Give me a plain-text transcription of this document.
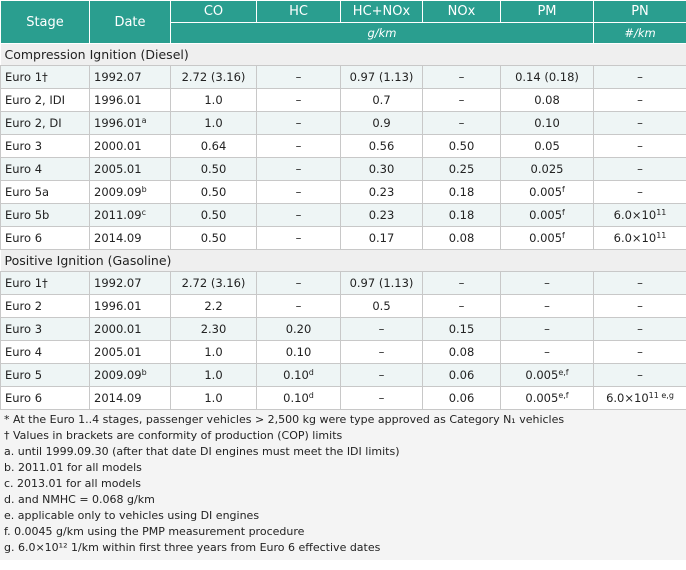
Stage	Date	CO	HC	HC+NOx	NOx	PM	PN
		g/km					#/km
Compression Ignition (Diesel)							
Euro 1†	1992.07	2.72 (3.16)	–	0.97 (1.13)	–	0.14 (0.18)	–
Euro 2, IDI	1996.01	1.0	–	0.7	–	0.08	–
Euro 2, DI	1996.01$^a$	1.0	–	0.9	–	0.10	–
Euro 3	2000.01	0.64	–	0.56	0.50	0.05	–
Euro 4	2005.01	0.50	–	0.30	0.25	0.025	–
Euro 5a	2009.09$^b$	0.50	–	0.23	0.18	0.005$^f$	–
Euro 5b	2011.09$^c$	0.50	–	0.23	0.18	0.005$^f$	$6.0\times 10^{11}$
Euro 6	2014.09	0.50	–	0.17	0.08	0.005$^f$	$6.0\times 10^{11}$
Positive Ignition (Gasoline)							
Euro 1†	1992.07	2.72 (3.16)	–	0.97 (1.13)	–	–	–
Euro 2	1996.01	2.2	–	0.5	–	–	–
Euro 3	2000.01	2.30	0.20	–	0.15	–	–
Euro 4	2005.01	1.0	0.10	–	0.08	–	–
Euro 5	2009.09$^b$	1.0	0.10$^d$	–	0.06	0.005$^{e,f}$	–
Euro 6	2014.09	1.0	0.10$^d$	–	0.06	0.005$^{e,f}$	$6.0\times 10^{11 e,g}$
* At the Euro 1..4 stages, passenger vehicles > 2,500 kg were type approved as Category N₁ vehicles
† Values in brackets are conformity of production (COP) limits
a. until 1999.09.30 (after that date DI engines must meet the IDI limits)
b. 2011.01 for all models
c. 2013.01 for all models
d. and NMHC = 0.068 g/km
e. applicable only to vehicles using DI engines
f. 0.0045 g/km using the PMP measurement procedure
g. 6.0×10¹² 1/km within first three years from Euro 6 effective dates
